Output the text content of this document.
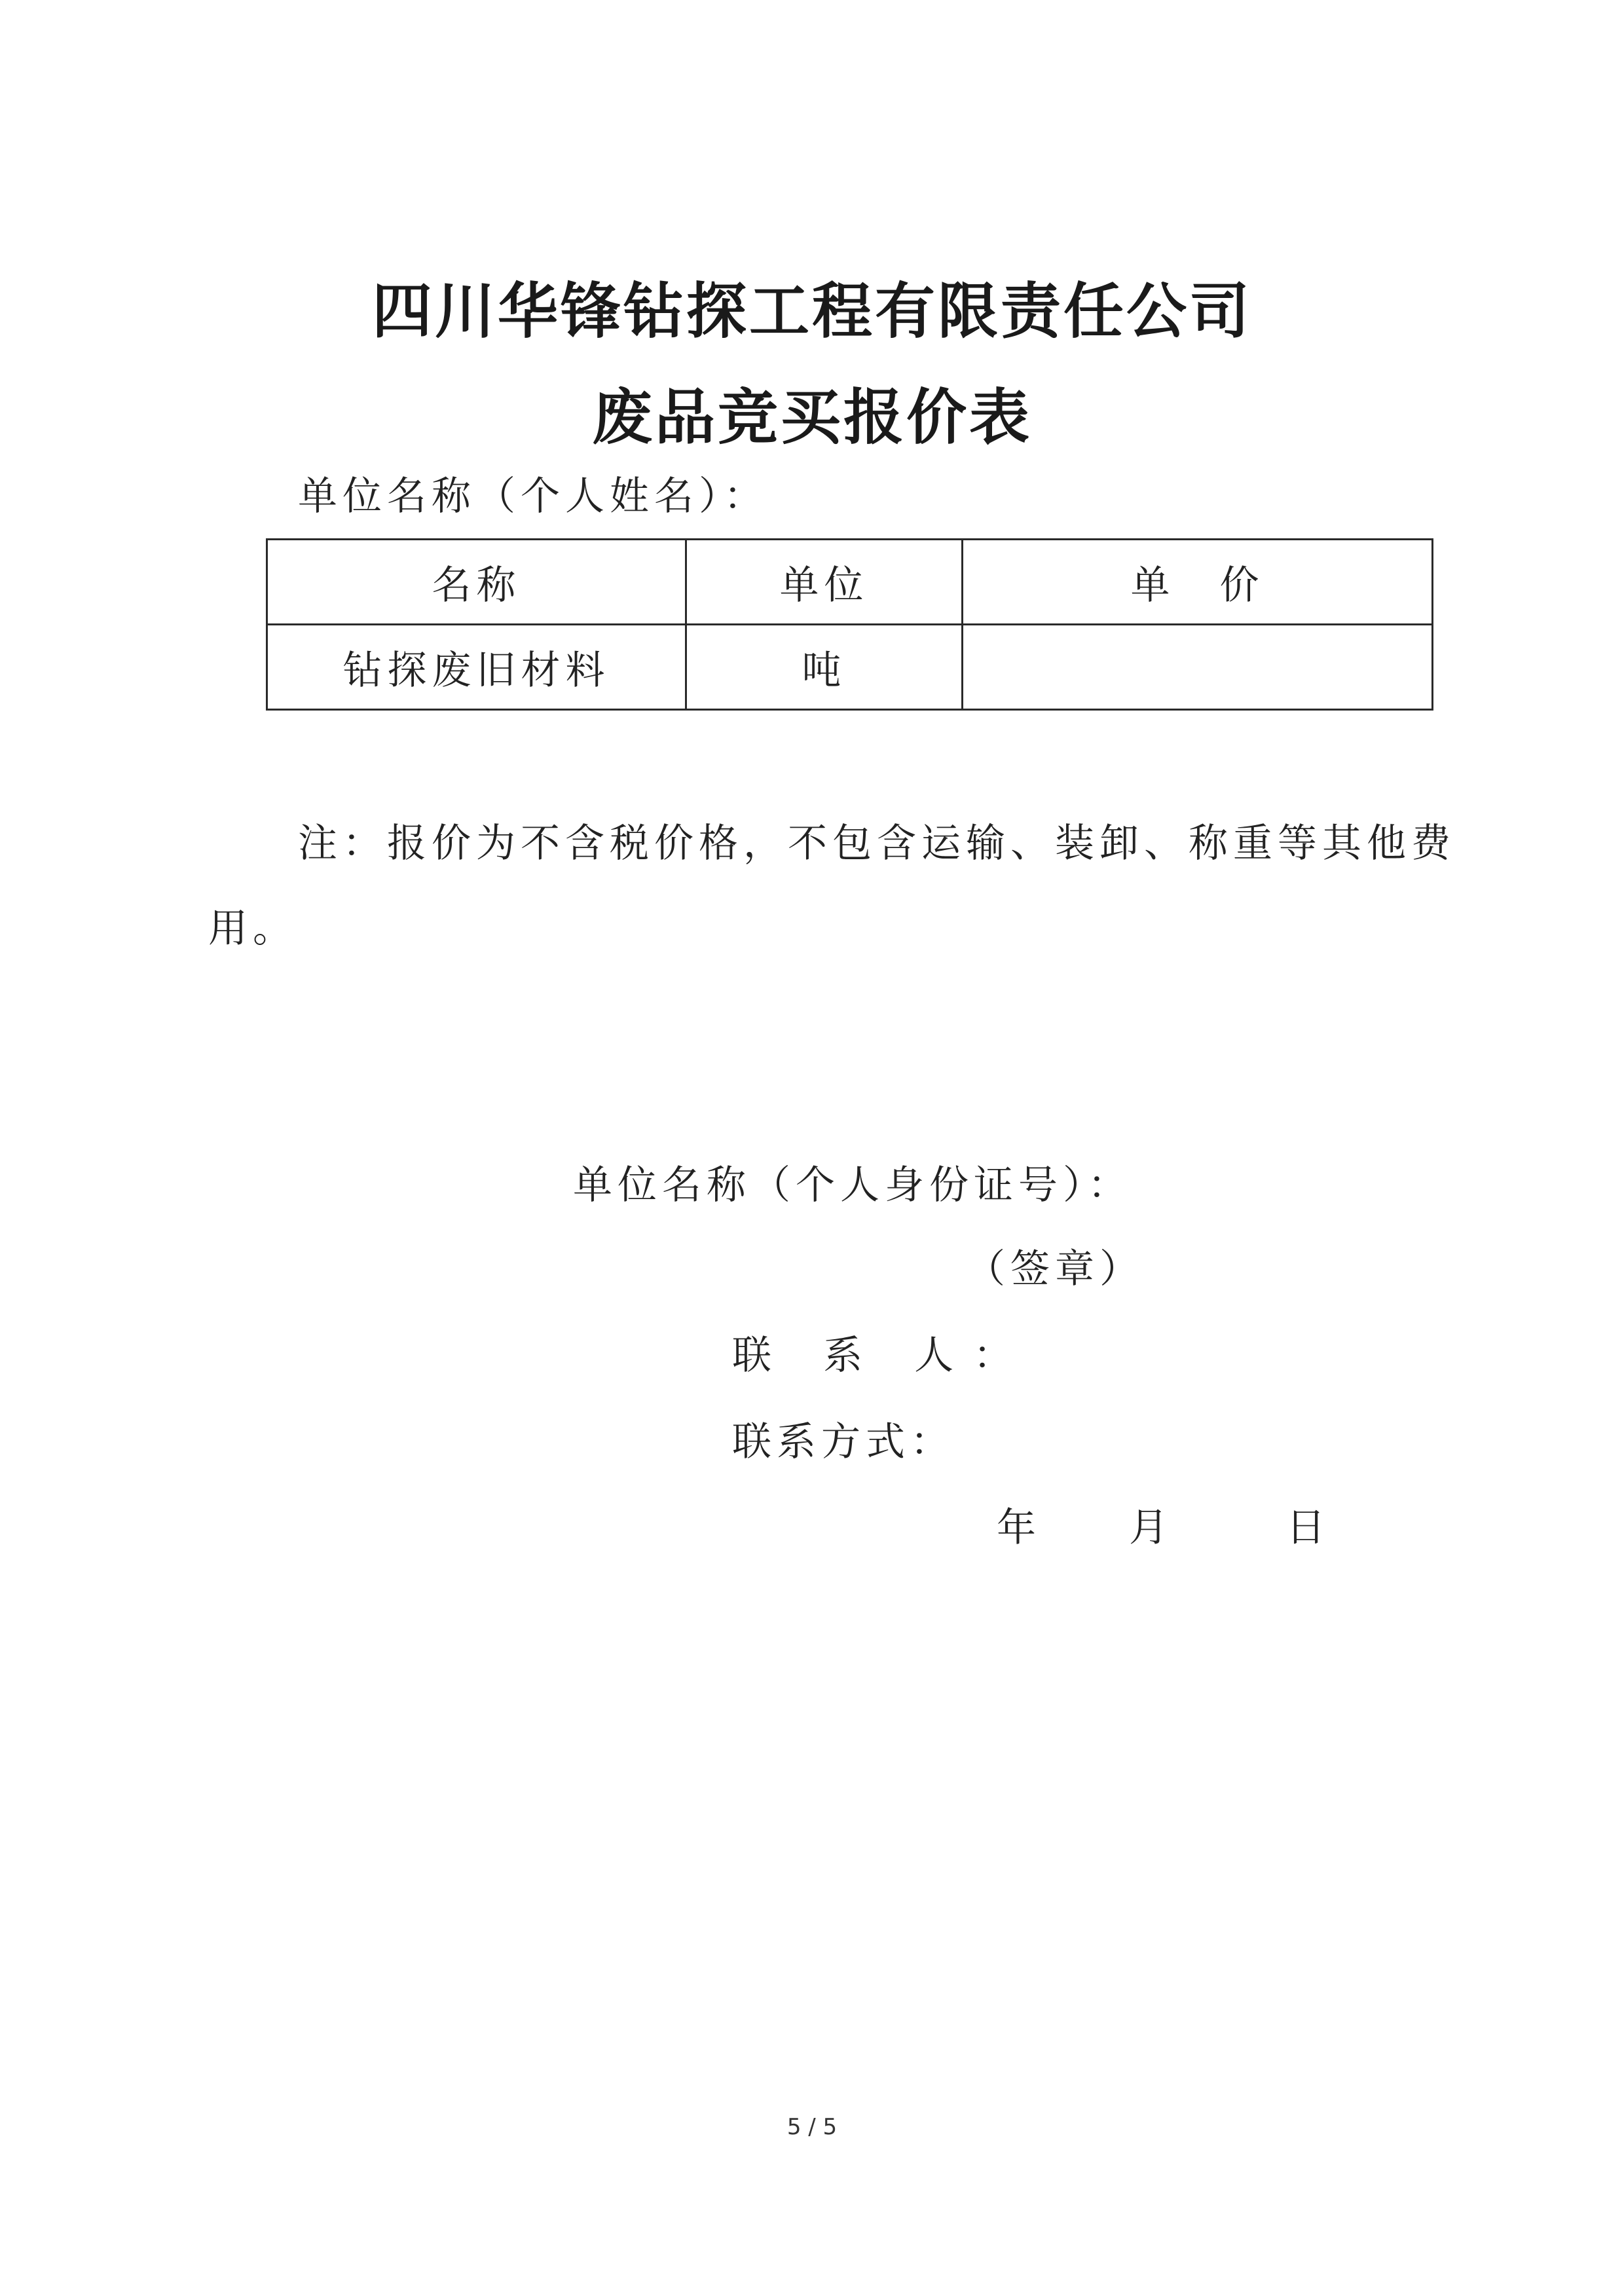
四川华锋钻探工程有限责任公司
废品竞买报价表
单位名称（个人姓名）：
名称	单位	单　价
钻探废旧材料	吨	
注：报价为不含税价格，不包含运输、装卸、称重等其他费
用。
单位名称（个人身份证号）：
（签章）
联 系 人：
联系方式：
年 月	日
5 / 5
